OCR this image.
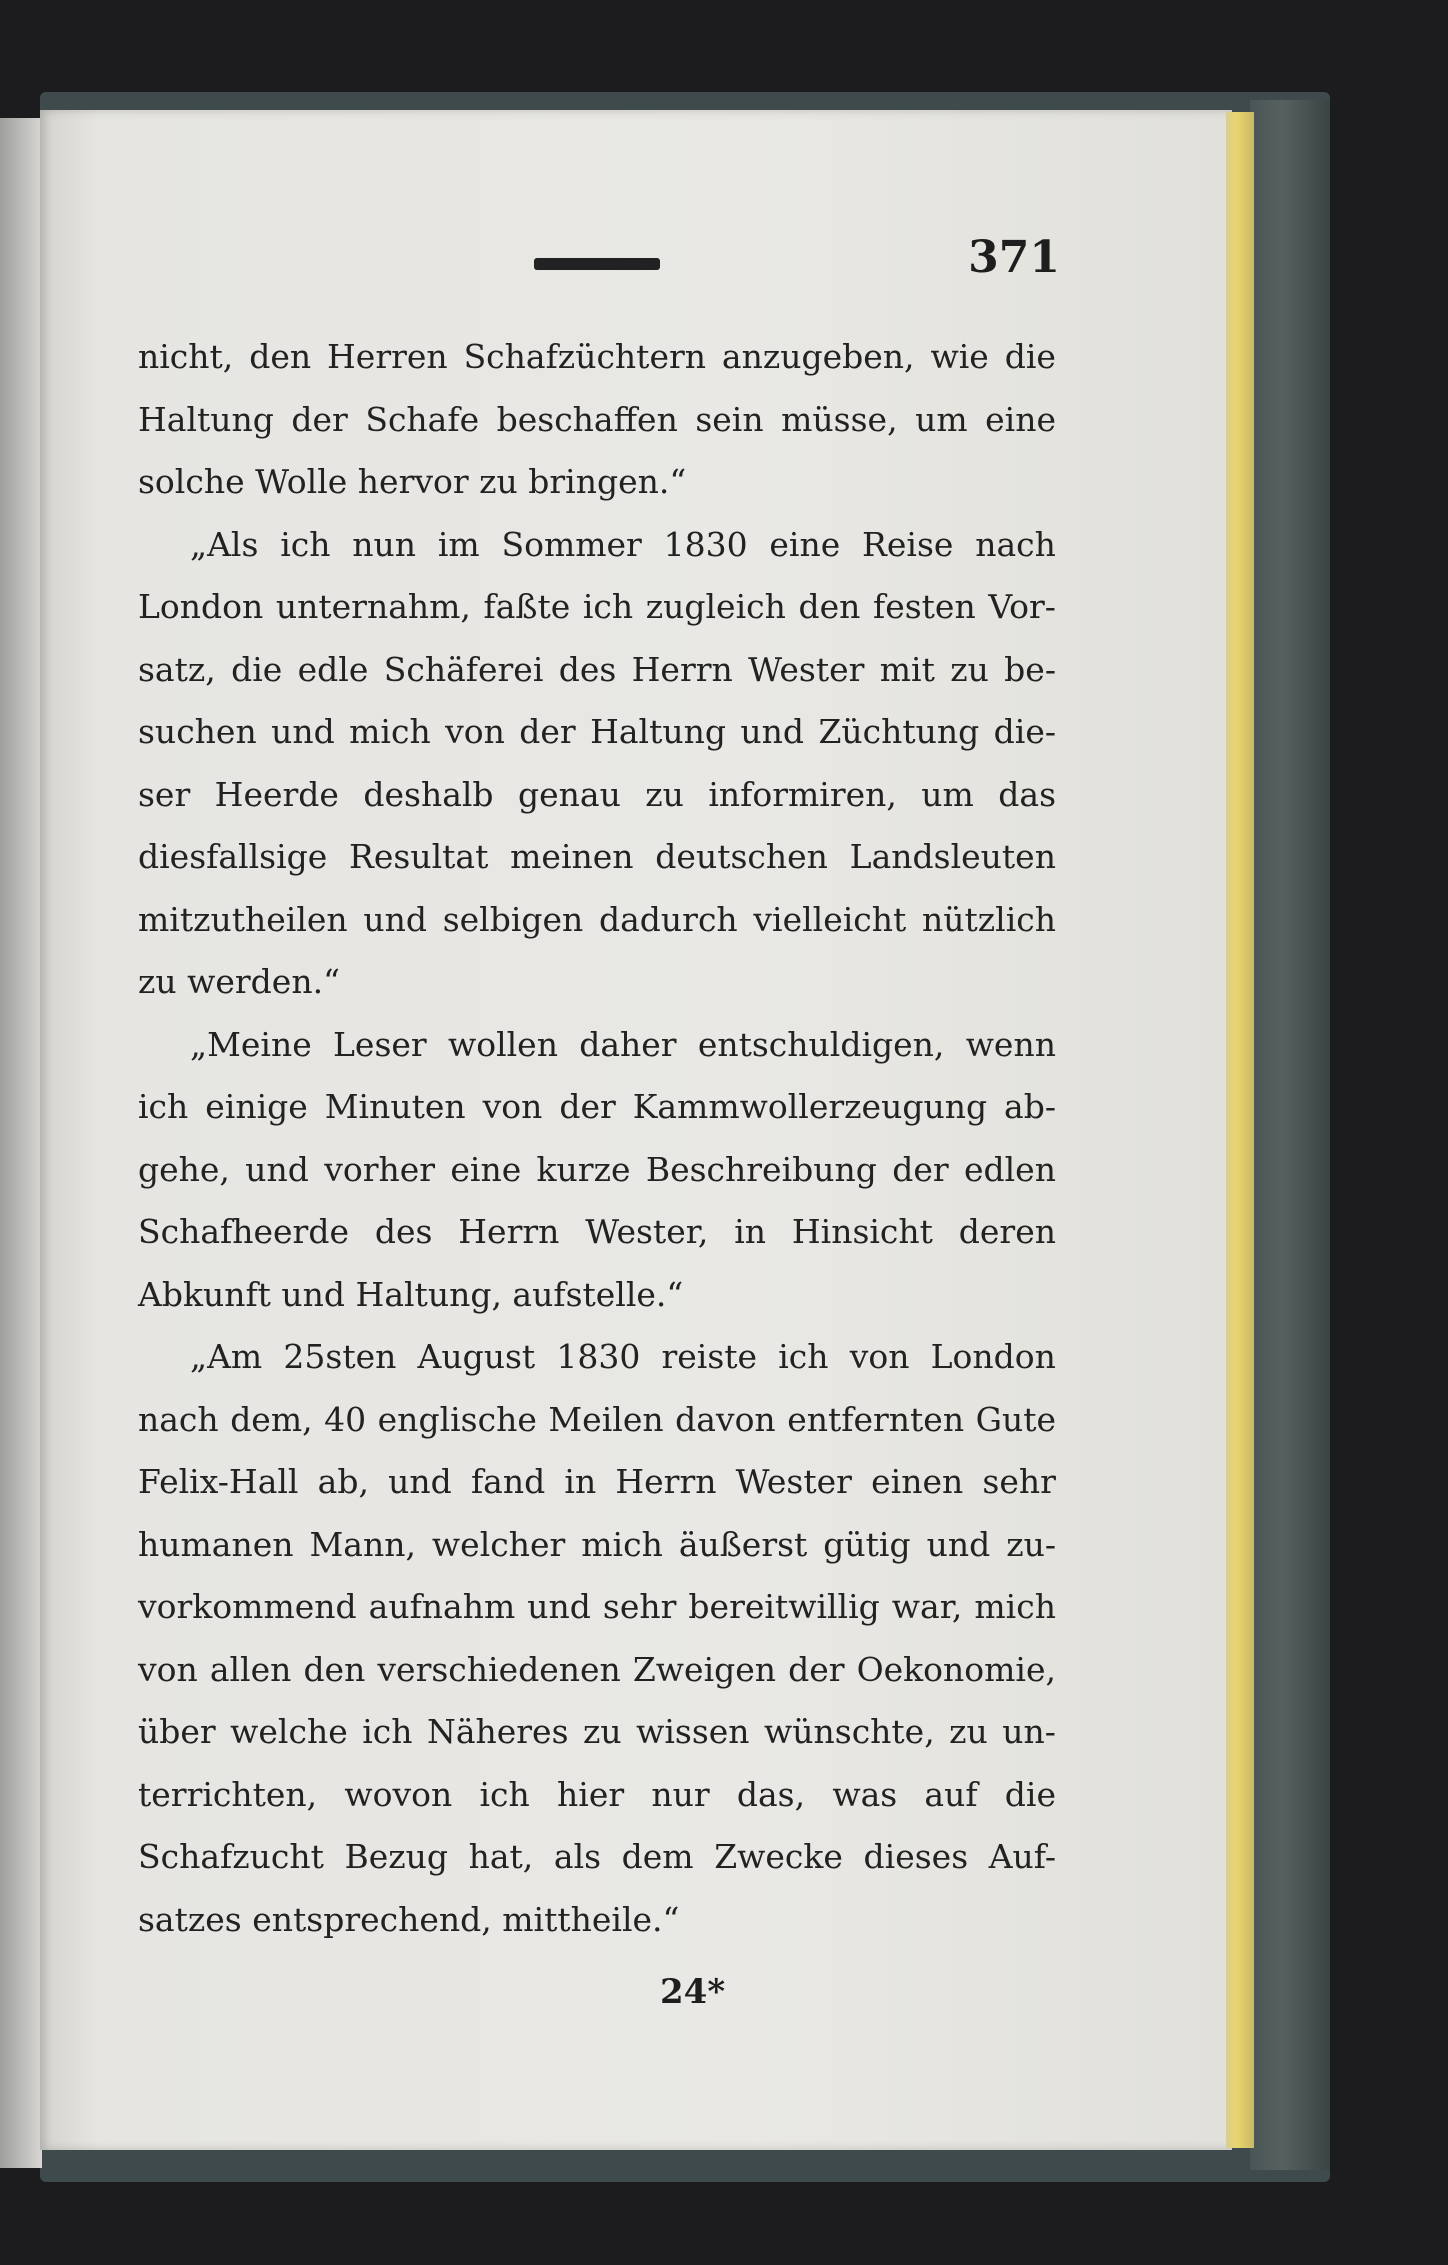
371
nicht, den Herren Schafzüchtern anzugeben, wie die
Haltung der Schafe beschaffen sein müsse, um eine
solche Wolle hervor zu bringen.“
„Als ich nun im Sommer 1830 eine Reise nach
London unternahm, faßte ich zugleich den festen Vor-
satz, die edle Schäferei des Herrn Wester mit zu be-
suchen und mich von der Haltung und Züchtung die-
ser Heerde deshalb genau zu informiren, um das
diesfallsige Resultat meinen deutschen Landsleuten
mitzutheilen und selbigen dadurch vielleicht nützlich
zu werden.“
„Meine Leser wollen daher entschuldigen, wenn
ich einige Minuten von der Kammwollerzeugung ab-
gehe, und vorher eine kurze Beschreibung der edlen
Schafheerde des Herrn Wester, in Hinsicht deren
Abkunft und Haltung, aufstelle.“
„Am 25sten August 1830 reiste ich von London
nach dem, 40 englische Meilen davon entfernten Gute
Felix-Hall ab, und fand in Herrn Wester einen sehr
humanen Mann, welcher mich äußerst gütig und zu-
vorkommend aufnahm und sehr bereitwillig war, mich
von allen den verschiedenen Zweigen der Oekonomie,
über welche ich Näheres zu wissen wünschte, zu un-
terrichten, wovon ich hier nur das, was auf die
Schafzucht Bezug hat, als dem Zwecke dieses Auf-
satzes entsprechend, mittheile.“
24*
